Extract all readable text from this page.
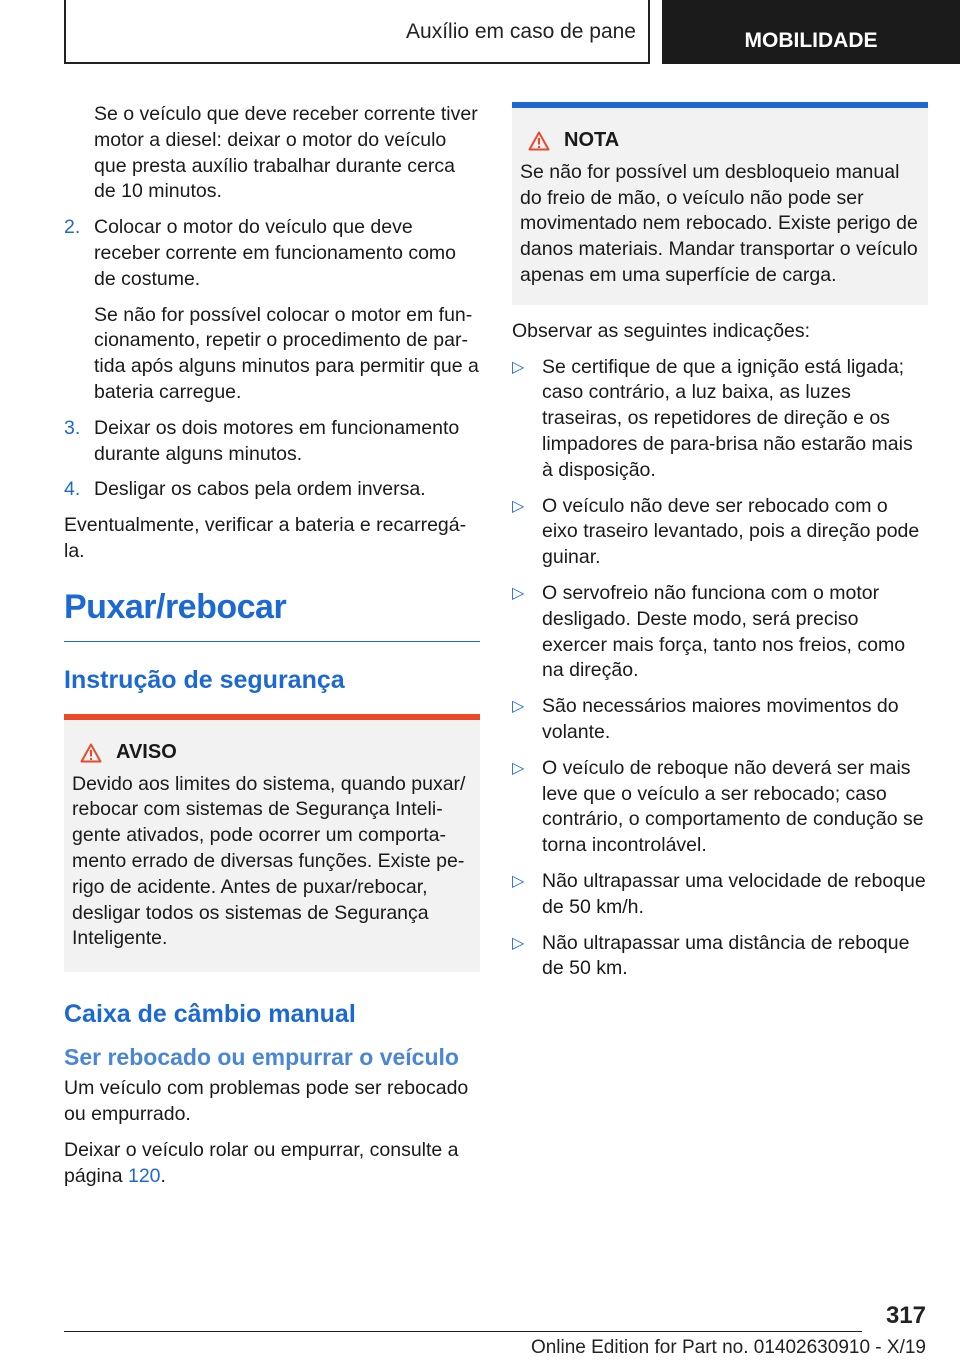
Auxílio em caso de pane	MOBILIDADE

Se o veículo que deve receber corrente tiver motor a diesel: deixar o motor do veículo que presta auxílio trabalhar durante cerca de 10 minutos.

2. Colocar o motor do veículo que deve receber corrente em funcionamento como de costume.
Se não for possível colocar o motor em funcionamento, repetir o procedimento de partida após alguns minutos para permitir que a bateria carregue.
3. Deixar os dois motores em funcionamento durante alguns minutos.
4. Desligar os cabos pela ordem inversa.

Eventualmente, verificar a bateria e recarregá-la.

Puxar/rebocar
Instrução de segurança
AVISO

Devido aos limites do sistema, quando puxar/ rebocar com sistemas de Segurança Inteligente ativados, pode ocorrer um comportamento errado de diversas funções. Existe perigo de acidente. Antes de puxar/rebocar, desligar todos os sistemas de Segurança Inteligente.

Caixa de câmbio manual
Ser rebocado ou empurrar o veículo

Um veículo com problemas pode ser rebocado ou empurrado.

Deixar o veículo rolar ou empurrar, consulte a página 120.

NOTA

Se não for possível um desbloqueio manual do freio de mão, o veículo não pode ser movimentado nem rebocado. Existe perigo de danos materiais. Mandar transportar o veículo apenas em uma superfície de carga.

Observar as seguintes indicações:

▷ Se certifique de que a ignição está ligada; caso contrário, a luz baixa, as luzes traseiras, os repetidores de direção e os limpadores de para-brisa não estarão mais à disposição.
▷ O veículo não deve ser rebocado com o eixo traseiro levantado, pois a direção pode guinar.
▷ O servofreio não funciona com o motor desligado. Deste modo, será preciso exercer mais força, tanto nos freios, como na direção.
▷ São necessários maiores movimentos do volante.
▷ O veículo de reboque não deverá ser mais leve que o veículo a ser rebocado; caso contrário, o comportamento de condução se torna incontrolável.
▷ Não ultrapassar uma velocidade de reboque de 50 km/h.
▷ Não ultrapassar uma distância de reboque de 50 km.
317
Online Edition for Part no. 01402630910 - X/19
